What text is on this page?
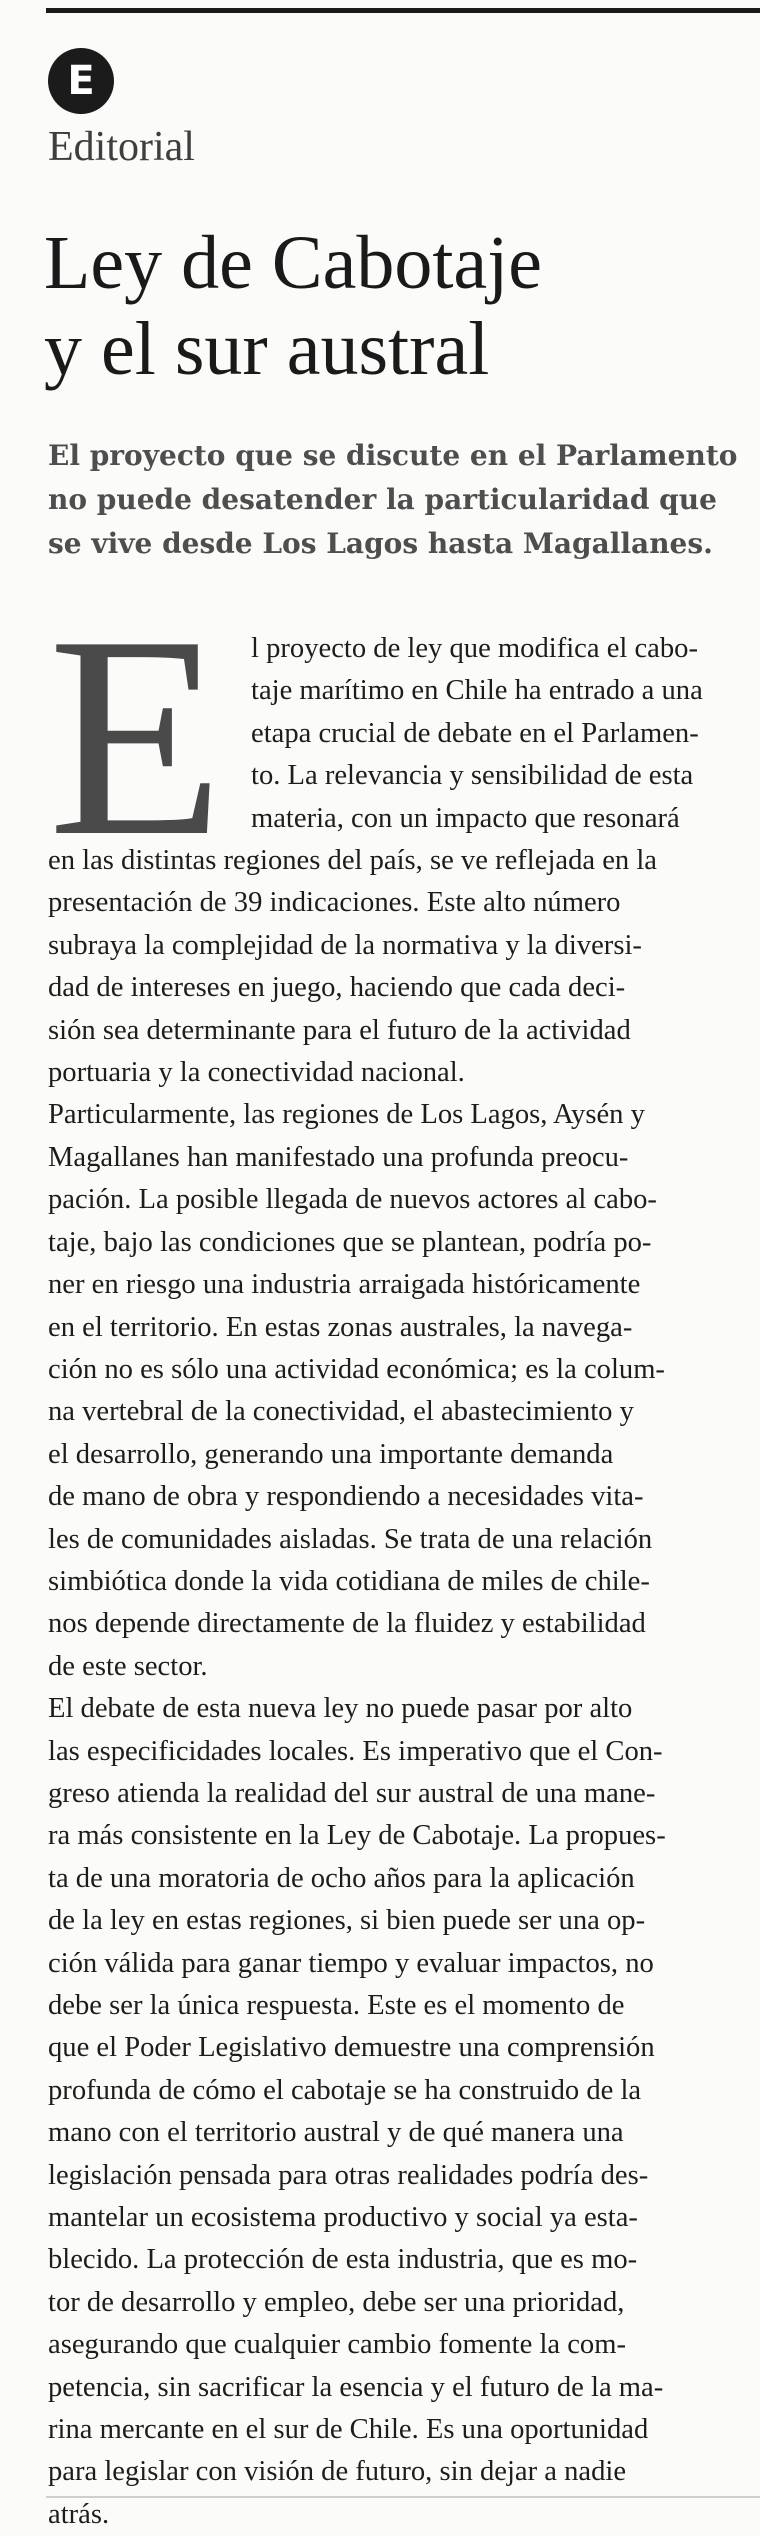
E
Editorial
Ley de Cabotaje
y el sur austral
El proyecto que se discute en el Parlamento
no puede desatender la particularidad que
se vive desde Los Lagos hasta Magallanes.
E l proyecto de ley que modifica el cabo-
taje marítimo en Chile ha entrado a una
etapa crucial de debate en el Parlamen-
to. La relevancia y sensibilidad de esta
materia, con un impacto que resonará
en las distintas regiones del país, se ve reflejada en la
presentación de 39 indicaciones. Este alto número
subraya la complejidad de la normativa y la diversi-
dad de intereses en juego, haciendo que cada deci-
sión sea determinante para el futuro de la actividad
portuaria y la conectividad nacional.

Particularmente, las regiones de Los Lagos, Aysén y
Magallanes han manifestado una profunda preocu-
pación. La posible llegada de nuevos actores al cabo-
taje, bajo las condiciones que se plantean, podría po-
ner en riesgo una industria arraigada históricamente
en el territorio. En estas zonas australes, la navega-
ción no es sólo una actividad económica; es la colum-
na vertebral de la conectividad, el abastecimiento y
el desarrollo, generando una importante demanda
de mano de obra y respondiendo a necesidades vita-
les de comunidades aisladas. Se trata de una relación
simbiótica donde la vida cotidiana de miles de chile-
nos depende directamente de la fluidez y estabilidad
de este sector.

El debate de esta nueva ley no puede pasar por alto
las especificidades locales. Es imperativo que el Con-
greso atienda la realidad del sur austral de una mane-
ra más consistente en la Ley de Cabotaje. La propues-
ta de una moratoria de ocho años para la aplicación
de la ley en estas regiones, si bien puede ser una op-
ción válida para ganar tiempo y evaluar impactos, no
debe ser la única respuesta. Este es el momento de
que el Poder Legislativo demuestre una comprensión
profunda de cómo el cabotaje se ha construido de la
mano con el territorio austral y de qué manera una
legislación pensada para otras realidades podría des-
mantelar un ecosistema productivo y social ya esta-
blecido. La protección de esta industria, que es mo-
tor de desarrollo y empleo, debe ser una prioridad,
asegurando que cualquier cambio fomente la com-
petencia, sin sacrificar la esencia y el futuro de la ma-
rina mercante en el sur de Chile. Es una oportunidad
para legislar con visión de futuro, sin dejar a nadie
atrás.
